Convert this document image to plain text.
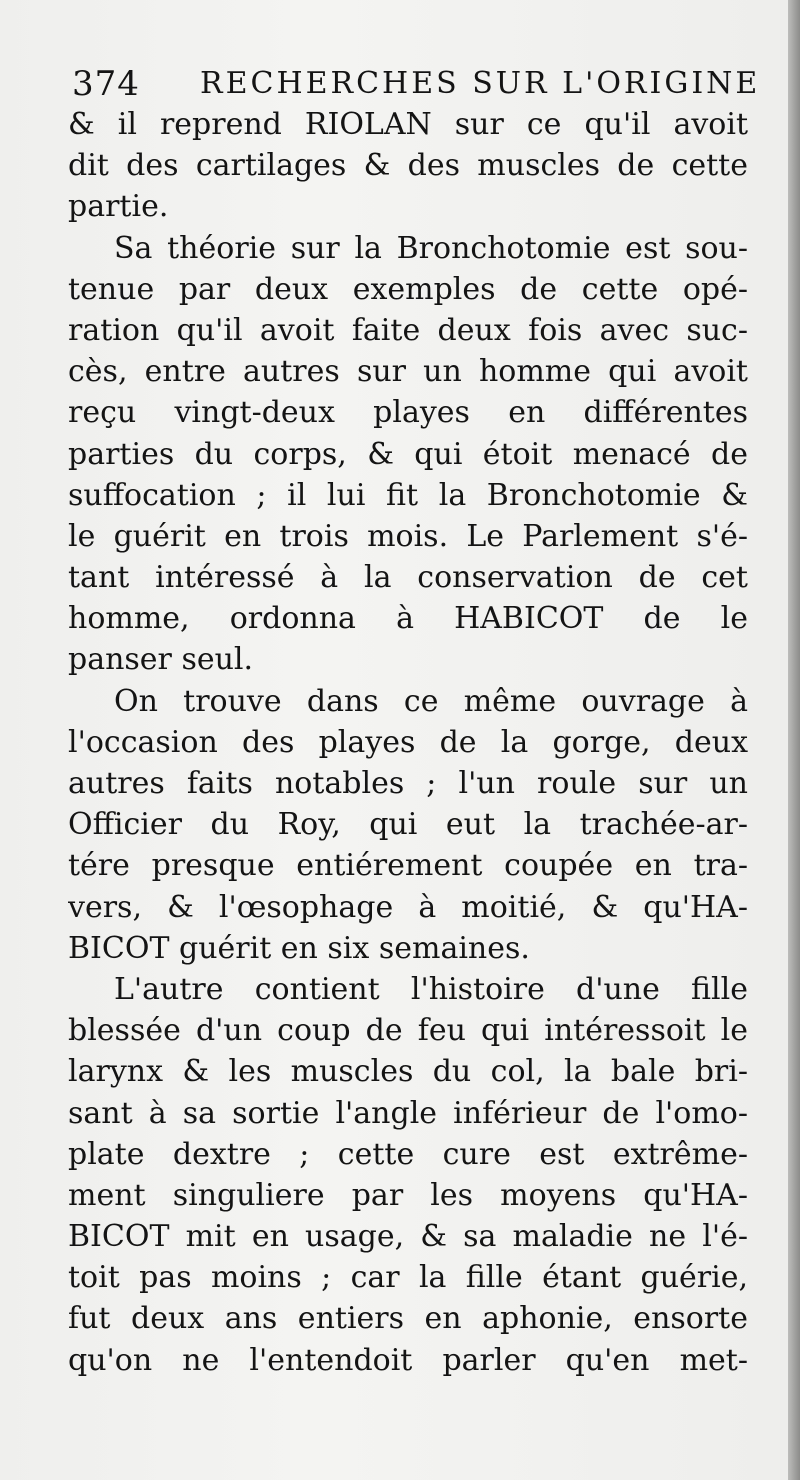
374 RECHERCHES SUR L'ORIGINE
& il reprend RIOLAN sur ce qu'il avoit
dit des cartilages & des muscles de cette
partie.
Sa théorie sur la Bronchotomie est sou-
tenue par deux exemples de cette opé-
ration qu'il avoit faite deux fois avec suc-
cès, entre autres sur un homme qui avoit
reçu vingt-deux playes en différentes
parties du corps, & qui étoit menacé de
suffocation ; il lui fit la Bronchotomie &
le guérit en trois mois. Le Parlement s'é-
tant intéressé à la conservation de cet
homme, ordonna à HABICOT de le
panser seul.
On trouve dans ce même ouvrage à
l'occasion des playes de la gorge, deux
autres faits notables ; l'un roule sur un
Officier du Roy, qui eut la trachée-ar-
tére presque entiérement coupée en tra-
vers, & l'œsophage à moitié, & qu'HA-
BICOT guérit en six semaines.
L'autre contient l'histoire d'une fille
blessée d'un coup de feu qui intéressoit le
larynx & les muscles du col, la bale bri-
sant à sa sortie l'angle inférieur de l'omo-
plate dextre ; cette cure est extrême-
ment singuliere par les moyens qu'HA-
BICOT mit en usage, & sa maladie ne l'é-
toit pas moins ; car la fille étant guérie,
fut deux ans entiers en aphonie, ensorte
qu'on ne l'entendoit parler qu'en met-
